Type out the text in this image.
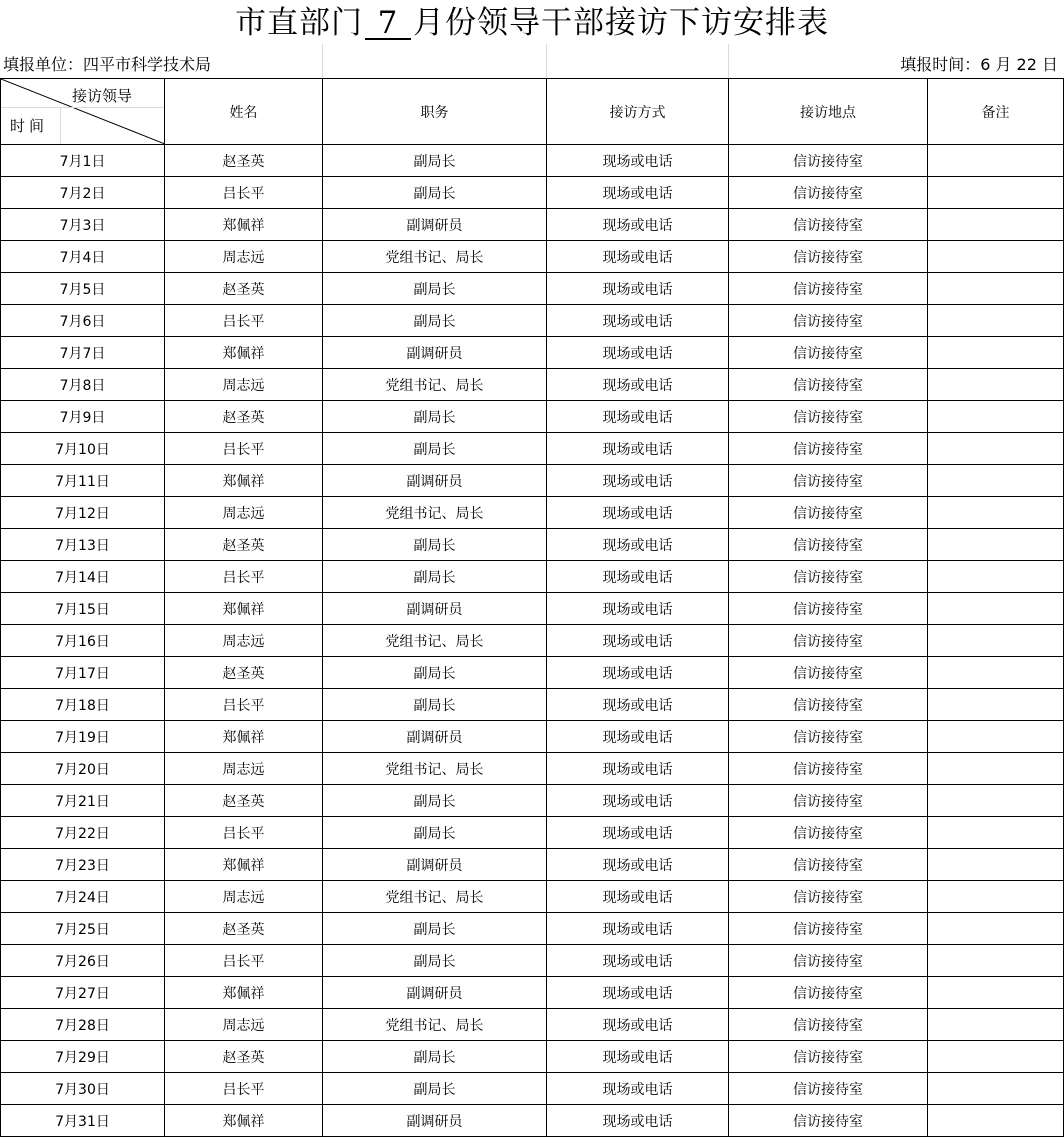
市直部门 7 月份领导干部接访下访安排表
填报单位：四平市科学技术局	填报时间：6 月 22 日
接访领导
时间	姓名	职务	接访方式	接访地点	备注
7月1日	赵圣英	副局长	现场或电话	信访接待室	
7月2日	吕长平	副局长	现场或电话	信访接待室	
7月3日	郑佩祥	副调研员	现场或电话	信访接待室	
7月4日	周志远	党组书记、局长	现场或电话	信访接待室	
7月5日	赵圣英	副局长	现场或电话	信访接待室	
7月6日	吕长平	副局长	现场或电话	信访接待室	
7月7日	郑佩祥	副调研员	现场或电话	信访接待室	
7月8日	周志远	党组书记、局长	现场或电话	信访接待室	
7月9日	赵圣英	副局长	现场或电话	信访接待室	
7月10日	吕长平	副局长	现场或电话	信访接待室	
7月11日	郑佩祥	副调研员	现场或电话	信访接待室	
7月12日	周志远	党组书记、局长	现场或电话	信访接待室	
7月13日	赵圣英	副局长	现场或电话	信访接待室	
7月14日	吕长平	副局长	现场或电话	信访接待室	
7月15日	郑佩祥	副调研员	现场或电话	信访接待室	
7月16日	周志远	党组书记、局长	现场或电话	信访接待室	
7月17日	赵圣英	副局长	现场或电话	信访接待室	
7月18日	吕长平	副局长	现场或电话	信访接待室	
7月19日	郑佩祥	副调研员	现场或电话	信访接待室	
7月20日	周志远	党组书记、局长	现场或电话	信访接待室	
7月21日	赵圣英	副局长	现场或电话	信访接待室	
7月22日	吕长平	副局长	现场或电话	信访接待室	
7月23日	郑佩祥	副调研员	现场或电话	信访接待室	
7月24日	周志远	党组书记、局长	现场或电话	信访接待室	
7月25日	赵圣英	副局长	现场或电话	信访接待室	
7月26日	吕长平	副局长	现场或电话	信访接待室	
7月27日	郑佩祥	副调研员	现场或电话	信访接待室	
7月28日	周志远	党组书记、局长	现场或电话	信访接待室	
7月29日	赵圣英	副局长	现场或电话	信访接待室	
7月30日	吕长平	副局长	现场或电话	信访接待室	
7月31日	郑佩祥	副调研员	现场或电话	信访接待室	
